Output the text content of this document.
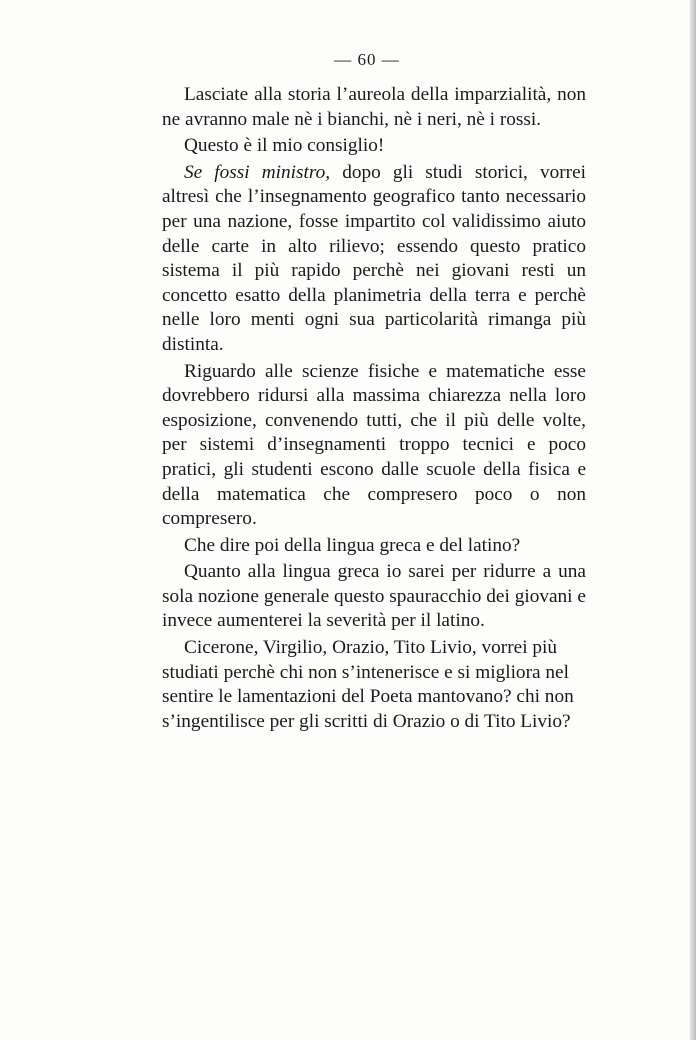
— 60 —

Lasciate alla storia l’aureola della imparzialità, non ne avranno male nè i bianchi, nè i neri, nè i rossi.

Questo è il mio consiglio!

Se fossi ministro, dopo gli studi storici, vorrei altresì che l’insegnamento geografico tanto necessario per una nazione, fosse impartito col validissimo aiuto delle carte in alto rilievo; essendo questo pratico sistema il più rapido perchè nei giovani resti un concetto esatto della planimetria della terra e perchè nelle loro menti ogni sua particolarità rimanga più distinta.

Riguardo alle scienze fisiche e matematiche esse dovrebbero ridursi alla massima chiarezza nella loro esposizione, convenendo tutti, che il più delle volte, per sistemi d’insegnamenti troppo tecnici e poco pratici, gli studenti escono dalle scuole della fisica e della matematica che compresero poco o non compresero.

Che dire poi della lingua greca e del latino?

Quanto alla lingua greca io sarei per ridurre a una sola nozione generale questo spauracchio dei giovani e invece aumenterei la severità per il latino.

Cicerone, Virgilio, Orazio, Tito Livio, vorrei più studiati perchè chi non s’intenerisce e si migliora nel sentire le lamentazioni del Poeta mantovano? chi non s’ingentilisce per gli scritti di Orazio o di Tito Livio?
